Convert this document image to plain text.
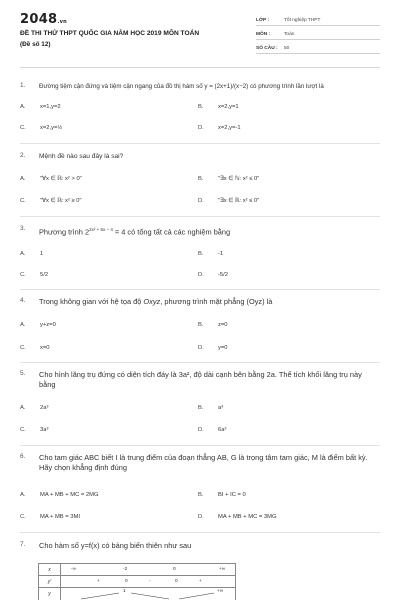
2048.vn
ĐỀ THI THỬ THPT QUỐC GIA NĂM HỌC 2019 MÔN TOÁN
(Đề số 12)
LỚP :	Tốt nghiệp THPT
MÔN :	Toán
SỐ CÂU : 50
1. Đường tiệm cận đứng và tiệm cận ngang của đồ thị hàm số y = (2x+1)/(x−2) có phương trình lần lượt là
A.	x=1,y=2	B.	x=2,y=1
C. x=2,y=½	D. x=2,y=-1
2. Mệnh đề nào sau đây là sai?
A.	"∀x ∈ ℝ: x² > 0"	B.	"∃x ∈ ℕ: x² ≤ 0"
C. "∀x ∈ ℝ: x² ≥ 0"	D. "∃x ∈ ℝ: x² ≤ 0"
3. Phương trình $2^{2x^2 + 5x - 4} = 4$ có tổng tất cả các nghiệm bằng
A.	1	B.	-1
C. 5/2	D. -5/2
4. Trong không gian với hệ tọa độ Oxyz, phương trình mặt phẳng (Oyz) là
A.	y+z=0	B.	z=0
C. x=0	D. y=0
5. Cho hình lăng trụ đứng có diện tích đáy là 3a², độ dài cạnh bên bằng 2a. Thể tích khối lăng trụ này bằng
A.	2a³	B.	a³
C. 3a³	D. 6a³
6. Cho tam giác ABC biết I là trung điểm của đoạn thẳng AB, G là trọng tâm tam giác, M là điểm bất kỳ. Hãy chọn khẳng định đúng
A.	MA + MB + MC = 2MG	B.	BI + IC = 0
C. MA + MB = 3MI	D. MA + MB + MC = 3MG
7. Cho hàm số y=f(x) có bảng biến thiên như sau
x	-∞	-2	0	+∞
y'	+	0	-	0	+
y	1	+∞
